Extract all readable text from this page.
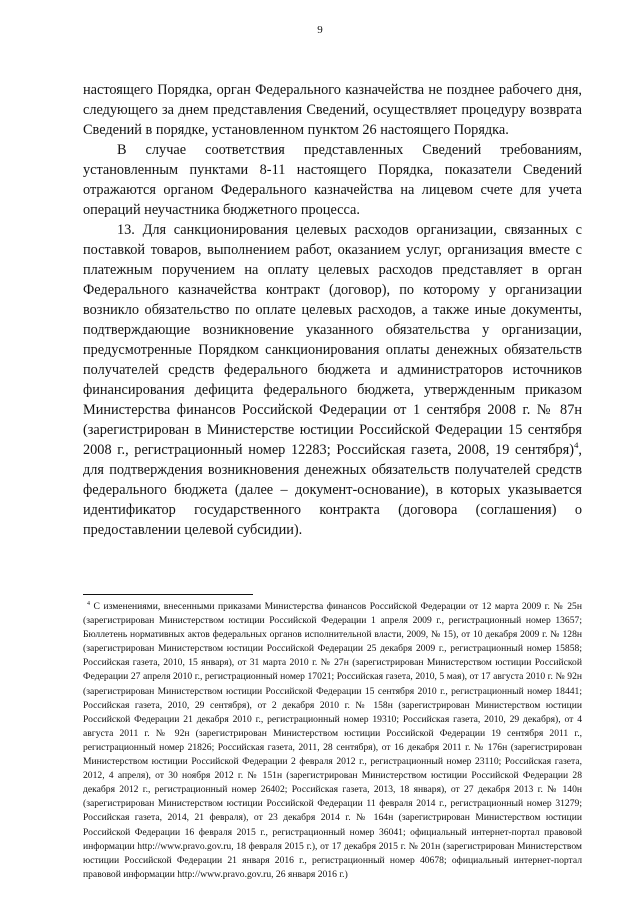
9

настоящего Порядка, орган Федерального казначейства не позднее рабочего дня, следующего за днем представления Сведений, осуществляет процедуру возврата Сведений в порядке, установленном пунктом 26 настоящего Порядка.

В случае соответствия представленных Сведений требованиям, установленным пунктами 8-11 настоящего Порядка, показатели Сведений отражаются органом Федерального казначейства на лицевом счете для учета операций неучастника бюджетного процесса.

13. Для санкционирования целевых расходов организации, связанных с поставкой товаров, выполнением работ, оказанием услуг, организация вместе с платежным поручением на оплату целевых расходов представляет в орган Федерального казначейства контракт (договор), по которому у организации возникло обязательство по оплате целевых расходов, а также иные документы, подтверждающие возникновение указанного обязательства у организации, предусмотренные Порядком санкционирования оплаты денежных обязательств получателей средств федерального бюджета и администраторов источников финансирования дефицита федерального бюджета, утвержденным приказом Министерства финансов Российской Федерации от 1 сентября 2008 г. № 87н (зарегистрирован в Министерстве юстиции Российской Федерации 15 сентября 2008 г., регистрационный номер 12283; Российская газета, 2008, 19 сентября)$^4$, для подтверждения возникновения денежных обязательств получателей средств федерального бюджета (далее – документ-основание), в которых указывается идентификатор государственного контракта (договора (соглашения) о предоставлении целевой субсидии).

$^4$ С изменениями, внесенными приказами Министерства финансов Российской Федерации от 12 марта 2009 г. № 25н (зарегистрирован Министерством юстиции Российской Федерации 1 апреля 2009 г., регистрационный номер 13657; Бюллетень нормативных актов федеральных органов исполнительной власти, 2009, № 15), от 10 декабря 2009 г. № 128н (зарегистрирован Министерством юстиции Российской Федерации 25 декабря 2009 г., регистрационный номер 15858; Российская газета, 2010, 15 января), от 31 марта 2010 г. № 27н (зарегистрирован Министерством юстиции Российской Федерации 27 апреля 2010 г., регистрационный номер 17021; Российская газета, 2010, 5 мая), от 17 августа 2010 г. № 92н (зарегистрирован Министерством юстиции Российской Федерации 15 сентября 2010 г., регистрационный номер 18441; Российская газета, 2010, 29 сентября), от 2 декабря 2010 г. № 158н (зарегистрирован Министерством юстиции Российской Федерации 21 декабря 2010 г., регистрационный номер 19310; Российская газета, 2010, 29 декабря), от 4 августа 2011 г. № 92н (зарегистрирован Министерством юстиции Российской Федерации 19 сентября 2011 г., регистрационный номер 21826; Российская газета, 2011, 28 сентября), от 16 декабря 2011 г. № 176н (зарегистрирован Министерством юстиции Российской Федерации 2 февраля 2012 г., регистрационный номер 23110; Российская газета, 2012, 4 апреля), от 30 ноября 2012 г. № 151н (зарегистрирован Министерством юстиции Российской Федерации 28 декабря 2012 г., регистрационный номер 26402; Российская газета, 2013, 18 января), от 27 декабря 2013 г. № 140н (зарегистрирован Министерством юстиции Российской Федерации 11 февраля 2014 г., регистрационный номер 31279; Российская газета, 2014, 21 февраля), от 23 декабря 2014 г. № 164н (зарегистрирован Министерством юстиции Российской Федерации 16 февраля 2015 г., регистрационный номер 36041; официальный интернет-портал правовой информации http://www.pravo.gov.ru, 18 февраля 2015 г.), от 17 декабря 2015 г. № 201н (зарегистрирован Министерством юстиции Российской Федерации 21 января 2016 г., регистрационный номер 40678; официальный интернет-портал правовой информации http://www.pravo.gov.ru, 26 января 2016 г.)
